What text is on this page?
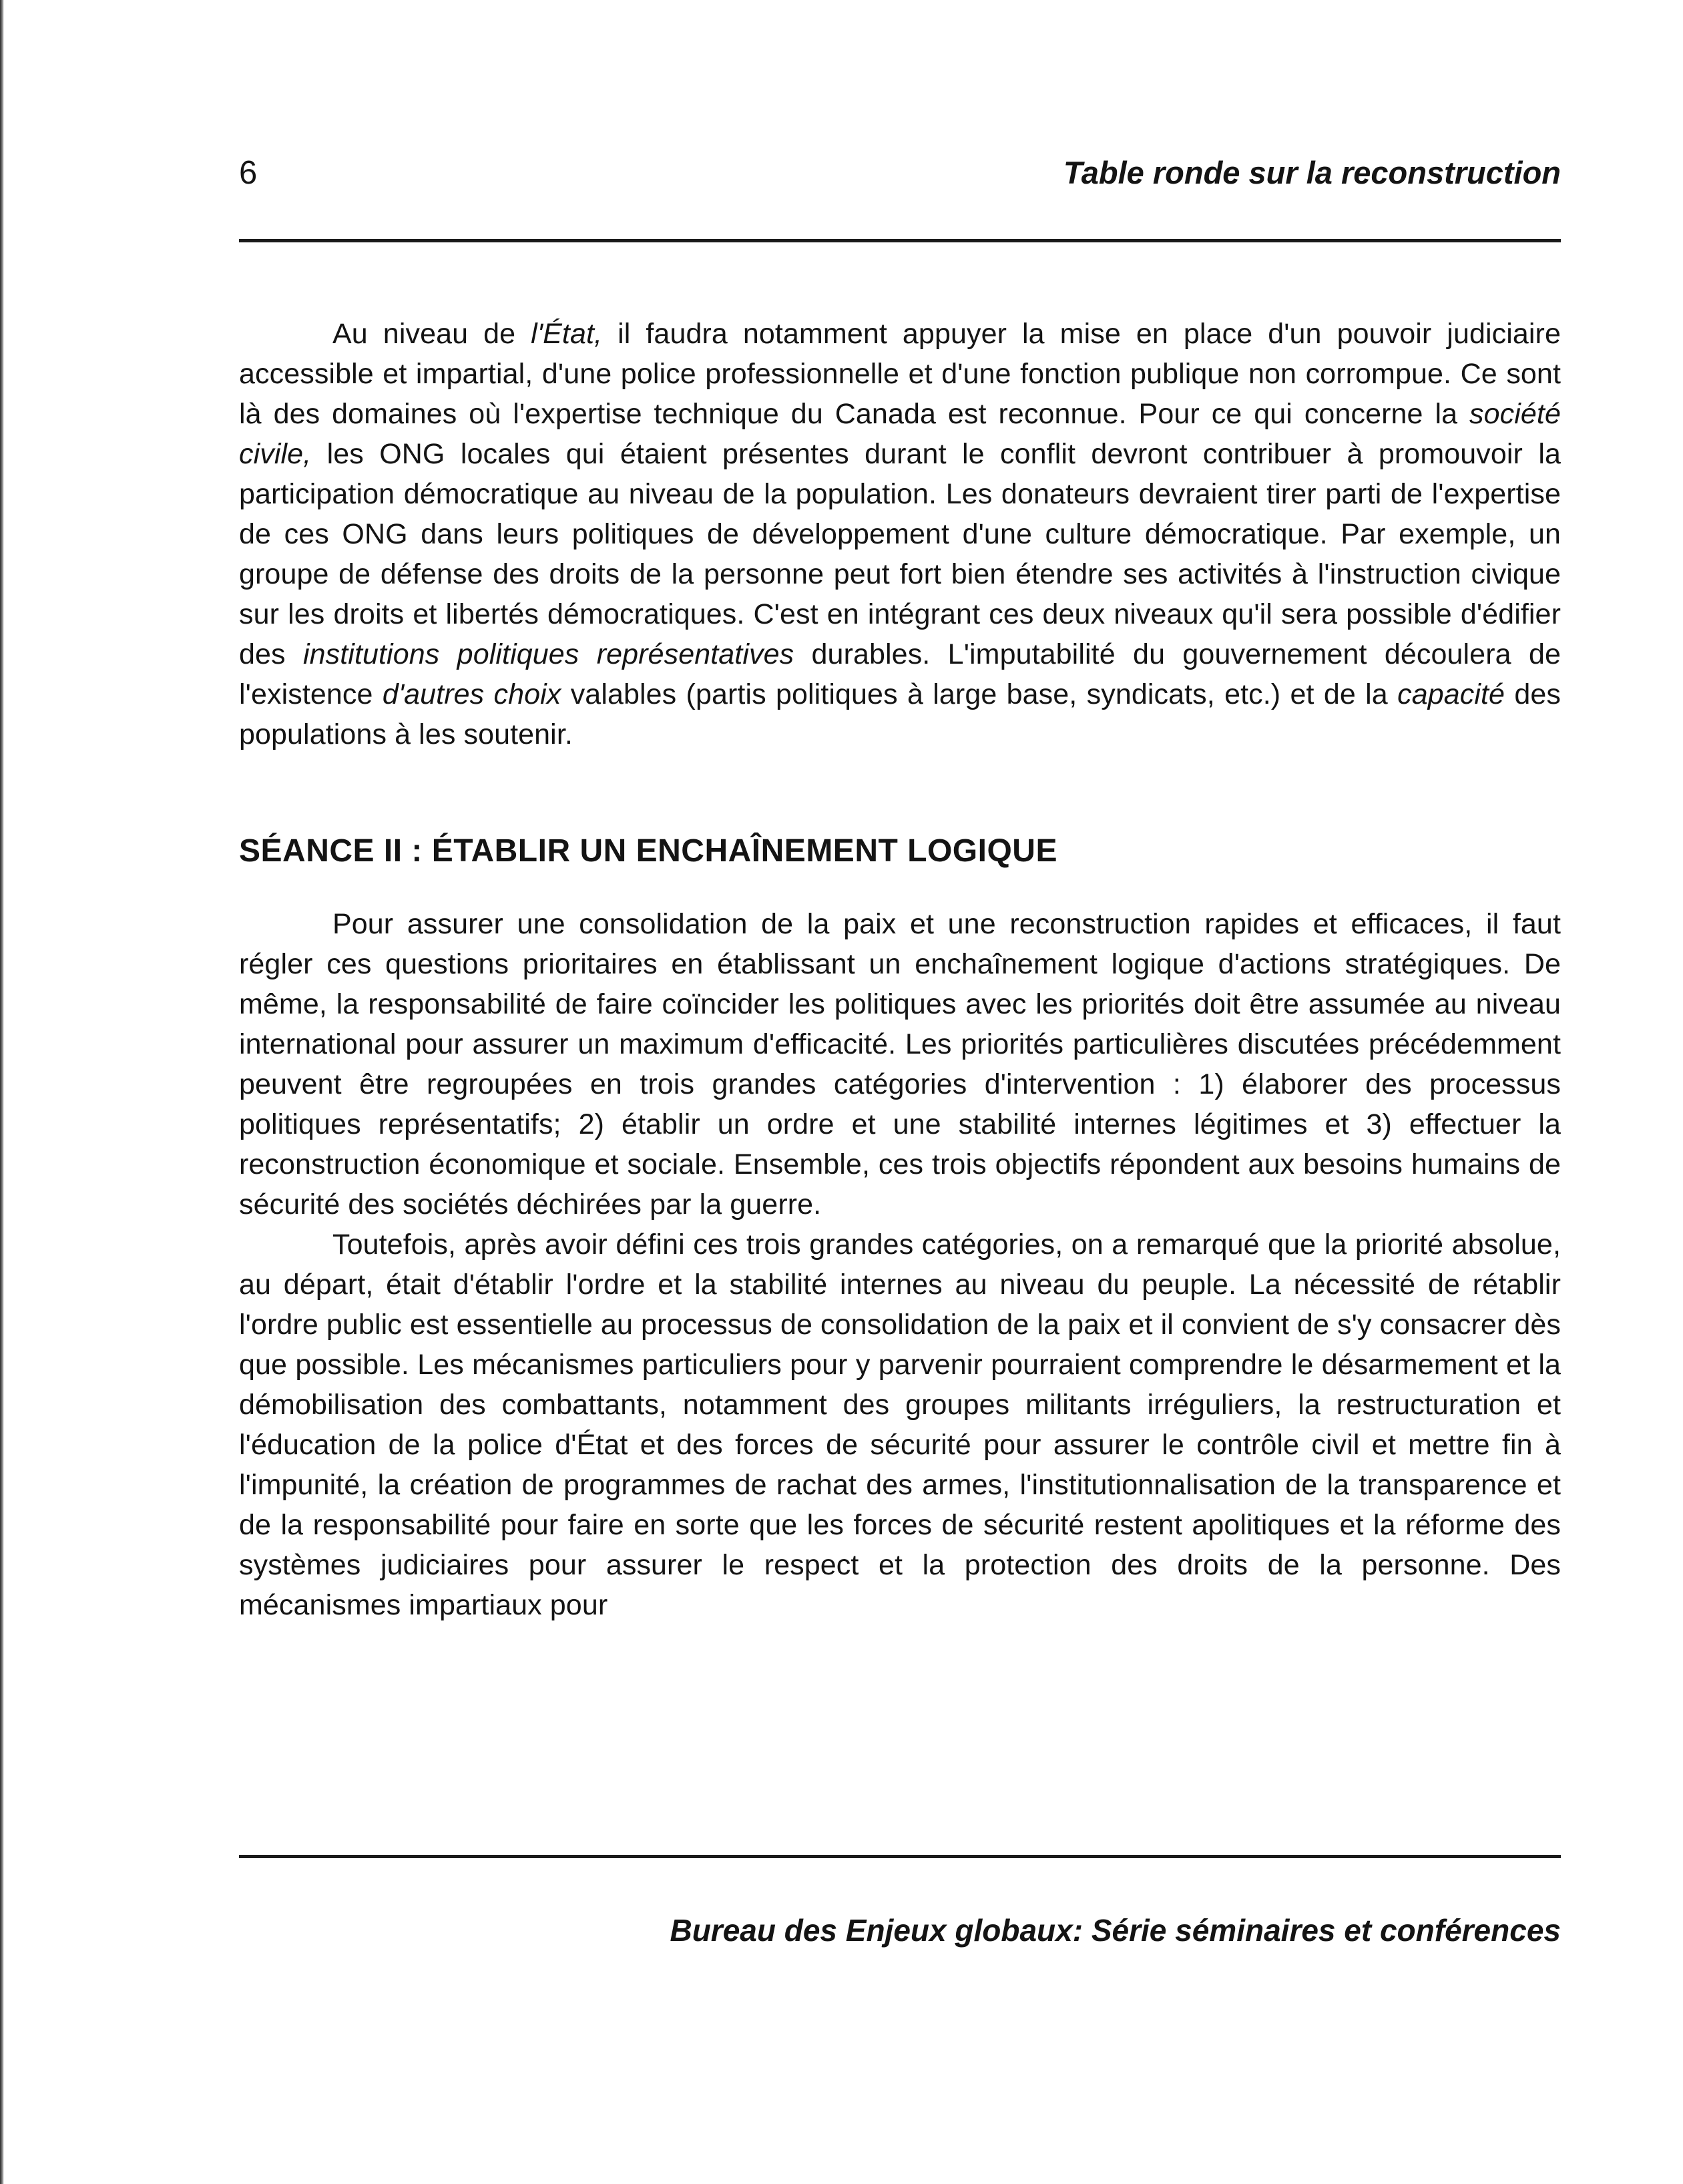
6	Table ronde sur la reconstruction

Au niveau de l'État, il faudra notamment appuyer la mise en place d'un pouvoir judiciaire accessible et impartial, d'une police professionnelle et d'une fonction publique non corrompue. Ce sont là des domaines où l'expertise technique du Canada est reconnue. Pour ce qui concerne la société civile, les ONG locales qui étaient présentes durant le conflit devront contribuer à promouvoir la participation démocratique au niveau de la population. Les donateurs devraient tirer parti de l'expertise de ces ONG dans leurs politiques de développement d'une culture démocratique. Par exemple, un groupe de défense des droits de la personne peut fort bien étendre ses activités à l'instruction civique sur les droits et libertés démocratiques. C'est en intégrant ces deux niveaux qu'il sera possible d'édifier des institutions politiques représentatives durables. L'imputabilité du gouvernement découlera de l'existence d'autres choix valables (partis politiques à large base, syndicats, etc.) et de la capacité des populations à les soutenir.

SÉANCE II : ÉTABLIR UN ENCHAÎNEMENT LOGIQUE

Pour assurer une consolidation de la paix et une reconstruction rapides et efficaces, il faut régler ces questions prioritaires en établissant un enchaînement logique d'actions stratégiques. De même, la responsabilité de faire coïncider les politiques avec les priorités doit être assumée au niveau international pour assurer un maximum d'efficacité. Les priorités particulières discutées précédemment peuvent être regroupées en trois grandes catégories d'intervention : 1) élaborer des processus politiques représentatifs; 2) établir un ordre et une stabilité internes légitimes et 3) effectuer la reconstruction économique et sociale. Ensemble, ces trois objectifs répondent aux besoins humains de sécurité des sociétés déchirées par la guerre.

Toutefois, après avoir défini ces trois grandes catégories, on a remarqué que la priorité absolue, au départ, était d'établir l'ordre et la stabilité internes au niveau du peuple. La nécessité de rétablir l'ordre public est essentielle au processus de consolidation de la paix et il convient de s'y consacrer dès que possible. Les mécanismes particuliers pour y parvenir pourraient comprendre le désarmement et la démobilisation des combattants, notamment des groupes militants irréguliers, la restructuration et l'éducation de la police d'État et des forces de sécurité pour assurer le contrôle civil et mettre fin à l'impunité, la création de programmes de rachat des armes, l'institutionnalisation de la transparence et de la responsabilité pour faire en sorte que les forces de sécurité restent apolitiques et la réforme des systèmes judiciaires pour assurer le respect et la protection des droits de la personne. Des mécanismes impartiaux pour

Bureau des Enjeux globaux: Série séminaires et conférences
